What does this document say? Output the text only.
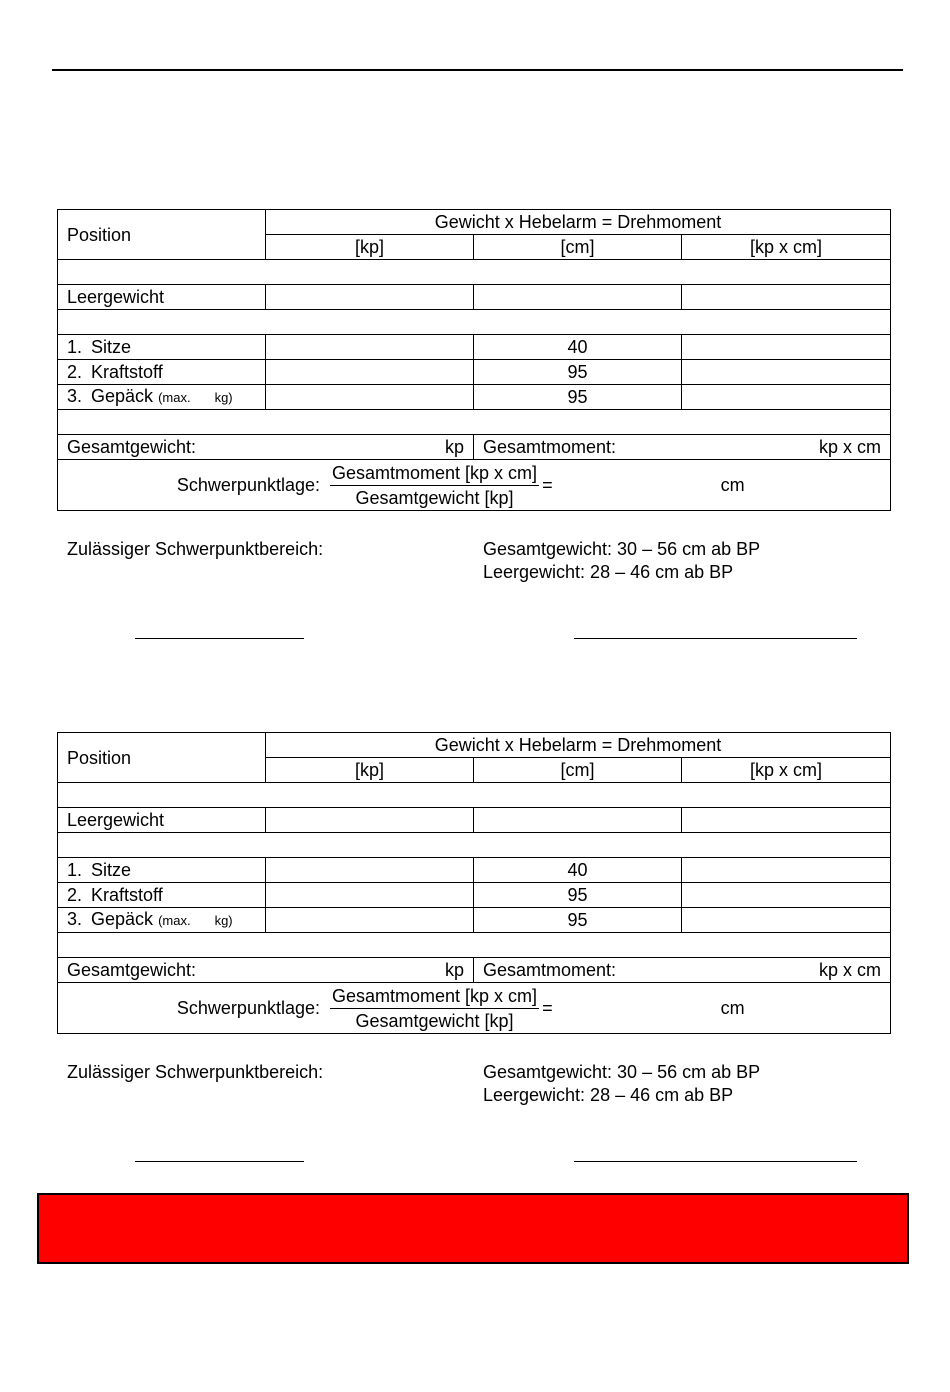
Position	Gewicht x Hebelarm = Drehmoment		
	[kp]	[cm]	[kp x cm]

Leergewicht			

1. Sitze		40	
2. Kraftstoff		95	
3. Gepäck (max. kg)		95	

Gesamtgewicht: kp		Gesamtmoment: kp x cm	

Schwerpunktlage: $\frac{\text{Gesamtmoment [kp x cm]}}{\text{Gesamtgewicht [kp]}}$ = cm			
Zulässiger Schwerpunktbereich:	Gesamtgewicht: 30 – 56 cm ab BP
Leergewicht: 28 – 46 cm ab BP
Position	Gewicht x Hebelarm = Drehmoment		
	[kp]	[cm]	[kp x cm]

Leergewicht			

1. Sitze		40	
2. Kraftstoff		95	
3. Gepäck (max. kg)		95	

Gesamtgewicht: kp		Gesamtmoment: kp x cm	

Schwerpunktlage: $\frac{\text{Gesamtmoment [kp x cm]}}{\text{Gesamtgewicht [kp]}}$ = cm			
Zulässiger Schwerpunktbereich:	Gesamtgewicht: 30 – 56 cm ab BP
Leergewicht: 28 – 46 cm ab BP
